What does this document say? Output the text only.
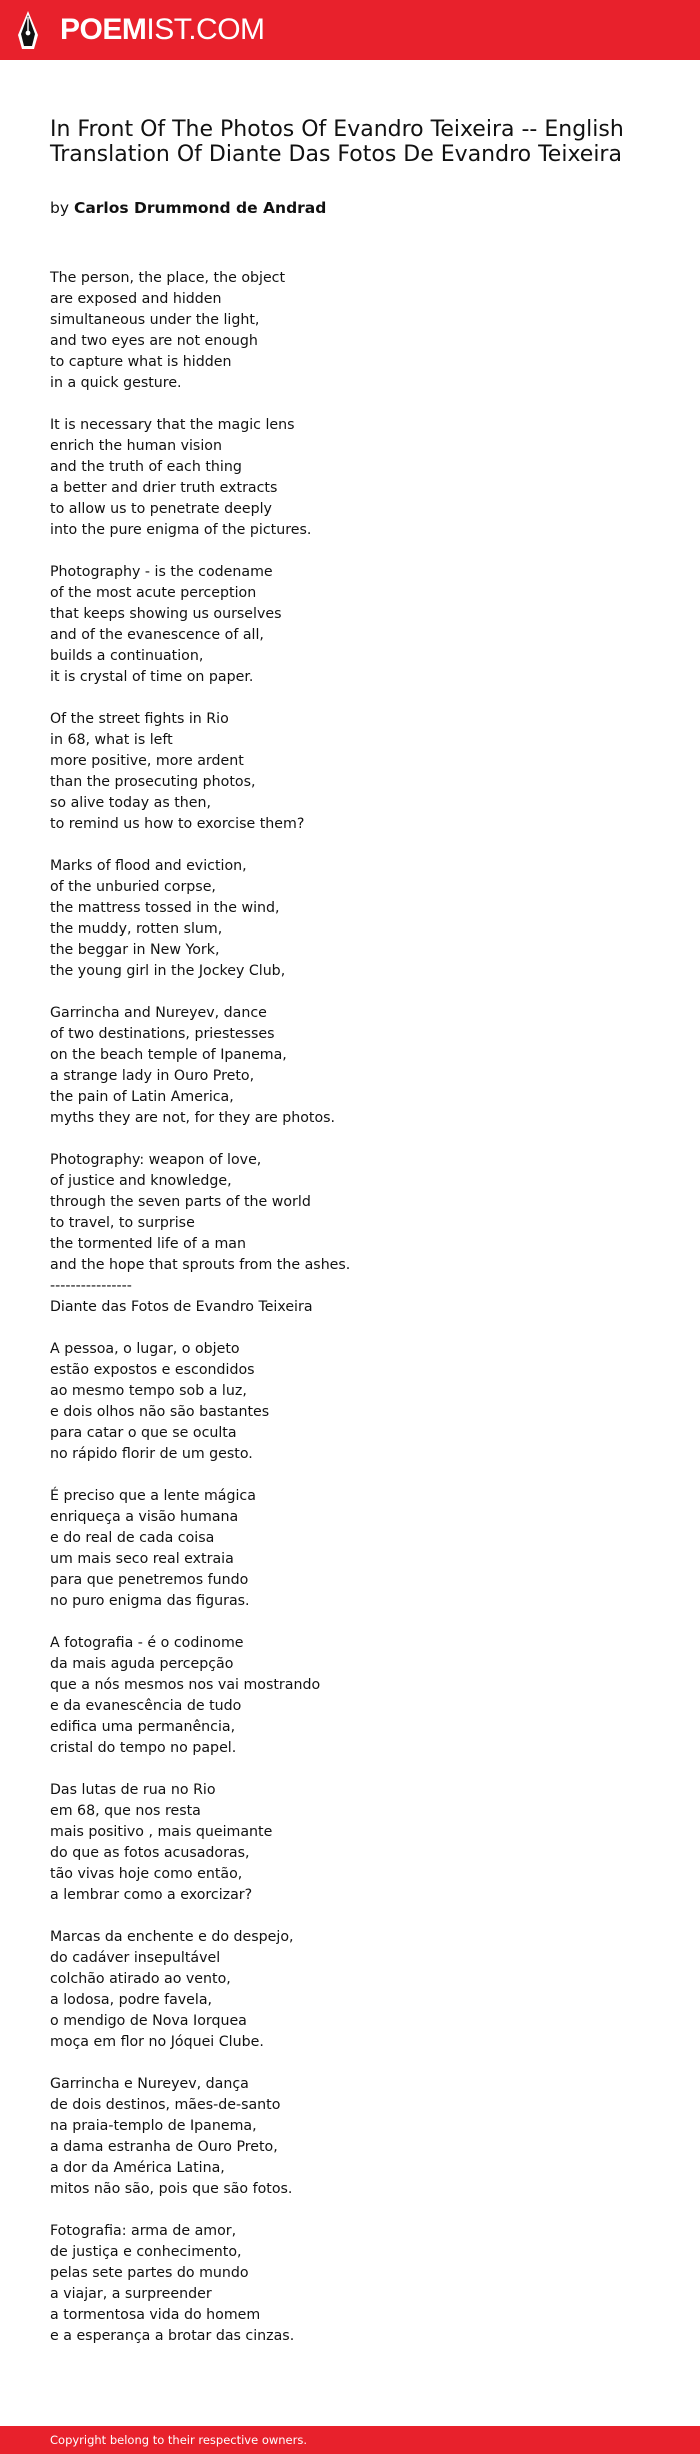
POEMIST.COM
In Front Of The Photos Of Evandro Teixeira -- English Translation Of Diante Das Fotos De Evandro Teixeira
by Carlos Drummond de Andrad
The person, the place, the object
are exposed and hidden
simultaneous under the light,
and two eyes are not enough
to capture what is hidden
in a quick gesture.
It is necessary that the magic lens
enrich the human vision
and the truth of each thing
a better and drier truth extracts
to allow us to penetrate deeply
into the pure enigma of the pictures.
Photography - is the codename
of the most acute perception
that keeps showing us ourselves
and of the evanescence of all,
builds a continuation,
it is crystal of time on paper.
Of the street fights in Rio
in 68, what is left
more positive, more ardent
than the prosecuting photos,
so alive today as then,
to remind us how to exorcise them?
Marks of flood and eviction,
of the unburied corpse,
the mattress tossed in the wind,
the muddy, rotten slum,
the beggar in New York,
the young girl in the Jockey Club,
Garrincha and Nureyev, dance
of two destinations, priestesses
on the beach temple of Ipanema,
a strange lady in Ouro Preto,
the pain of Latin America,
myths they are not, for they are photos.
Photography: weapon of love,
of justice and knowledge,
through the seven parts of the world
to travel, to surprise
the tormented life of a man
and the hope that sprouts from the ashes.
----------------
Diante das Fotos de Evandro Teixeira
A pessoa, o lugar, o objeto
estão expostos e escondidos
ao mesmo tempo sob a luz,
e dois olhos não são bastantes
para catar o que se oculta
no rápido florir de um gesto.
É preciso que a lente mágica
enriqueça a visão humana
e do real de cada coisa
um mais seco real extraia
para que penetremos fundo
no puro enigma das figuras.
A fotografia - é o codinome
da mais aguda percepção
que a nós mesmos nos vai mostrando
e da evanescência de tudo
edifica uma permanência,
cristal do tempo no papel.
Das lutas de rua no Rio
em 68, que nos resta
mais positivo , mais queimante
do que as fotos acusadoras,
tão vivas hoje como então,
a lembrar como a exorcizar?
Marcas da enchente e do despejo,
do cadáver insepultável
colchão atirado ao vento,
a lodosa, podre favela,
o mendigo de Nova Iorquea
moça em flor no Jóquei Clube.
Garrincha e Nureyev, dança
de dois destinos, mães-de-santo
na praia-templo de Ipanema,
a dama estranha de Ouro Preto,
a dor da América Latina,
mitos não são, pois que são fotos.
Fotografia: arma de amor,
de justiça e conhecimento,
pelas sete partes do mundo
a viajar, a surpreender
a tormentosa vida do homem
e a esperança a brotar das cinzas.
Copyright belong to their respective owners.
